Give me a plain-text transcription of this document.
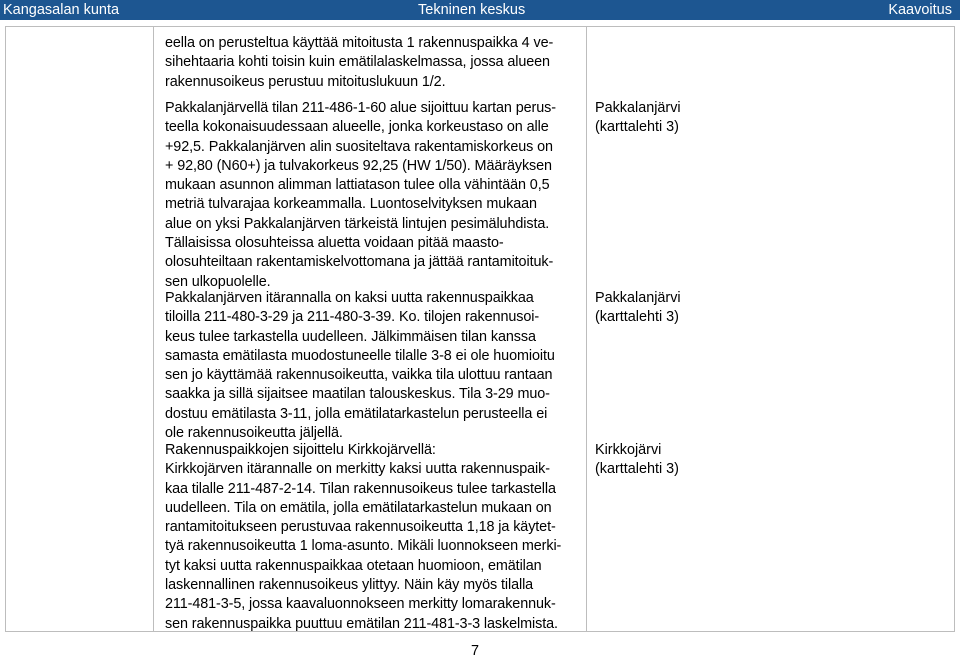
Kangasalan kunta	Tekninen keskus	Kaavoitus
eella on perusteltua käyttää mitoitusta 1 rakennuspaikka 4 ve-
sihehtaaria kohti toisin kuin emätilalaskelmassa, jossa alueen
rakennusoikeus perustuu mitoituslukuun 1/2.
Pakkalanjärvellä tilan 211-486-1-60 alue sijoittuu kartan perus-
teella kokonaisuudessaan alueelle, jonka korkeustaso on alle
+92,5. Pakkalanjärven alin suositeltava rakentamiskorkeus on
+ 92,80 (N60+) ja tulvakorkeus 92,25 (HW 1/50). Määräyksen
mukaan asunnon alimman lattiatason tulee olla vähintään 0,5
metriä tulvarajaa korkeammalla. Luontoselvityksen mukaan
alue on yksi Pakkalanjärven tärkeistä lintujen pesimäluhdista.
Tällaisissa olosuhteissa aluetta voidaan pitää maasto-
olosuhteiltaan rakentamiskelvottomana ja jättää rantamitoituk-
sen ulkopuolelle.
Pakkalanjärvi
(karttalehti 3)
Pakkalanjärven itärannalla on kaksi uutta rakennuspaikkaa
tiloilla 211-480-3-29 ja 211-480-3-39. Ko. tilojen rakennusoi-
keus tulee tarkastella uudelleen. Jälkimmäisen tilan kanssa
samasta emätilasta muodostuneelle tilalle 3-8 ei ole huomioitu
sen jo käyttämää rakennusoikeutta, vaikka tila ulottuu rantaan
saakka ja sillä sijaitsee maatilan talouskeskus. Tila 3-29 muo-
dostuu emätilasta 3-11, jolla emätilatarkastelun perusteella ei
ole rakennusoikeutta jäljellä.
Pakkalanjärvi
(karttalehti 3)
Rakennuspaikkojen sijoittelu Kirkkojärvellä:
Kirkkojärven itärannalle on merkitty kaksi uutta rakennuspaik-
kaa tilalle 211-487-2-14. Tilan rakennusoikeus tulee tarkastella
uudelleen. Tila on emätila, jolla emätilatarkastelun mukaan on
rantamitoitukseen perustuvaa rakennusoikeutta 1,18 ja käytet-
tyä rakennusoikeutta 1 loma-asunto. Mikäli luonnokseen merki-
tyt kaksi uutta rakennuspaikkaa otetaan huomioon, emätilan
laskennallinen rakennusoikeus ylittyy. Näin käy myös tilalla
211-481-3-5, jossa kaavaluonnokseen merkitty lomarakennuk-
sen rakennuspaikka puuttuu emätilan 211-481-3-3 laskelmista.
Kirkkojärvi
(karttalehti 3)
7
